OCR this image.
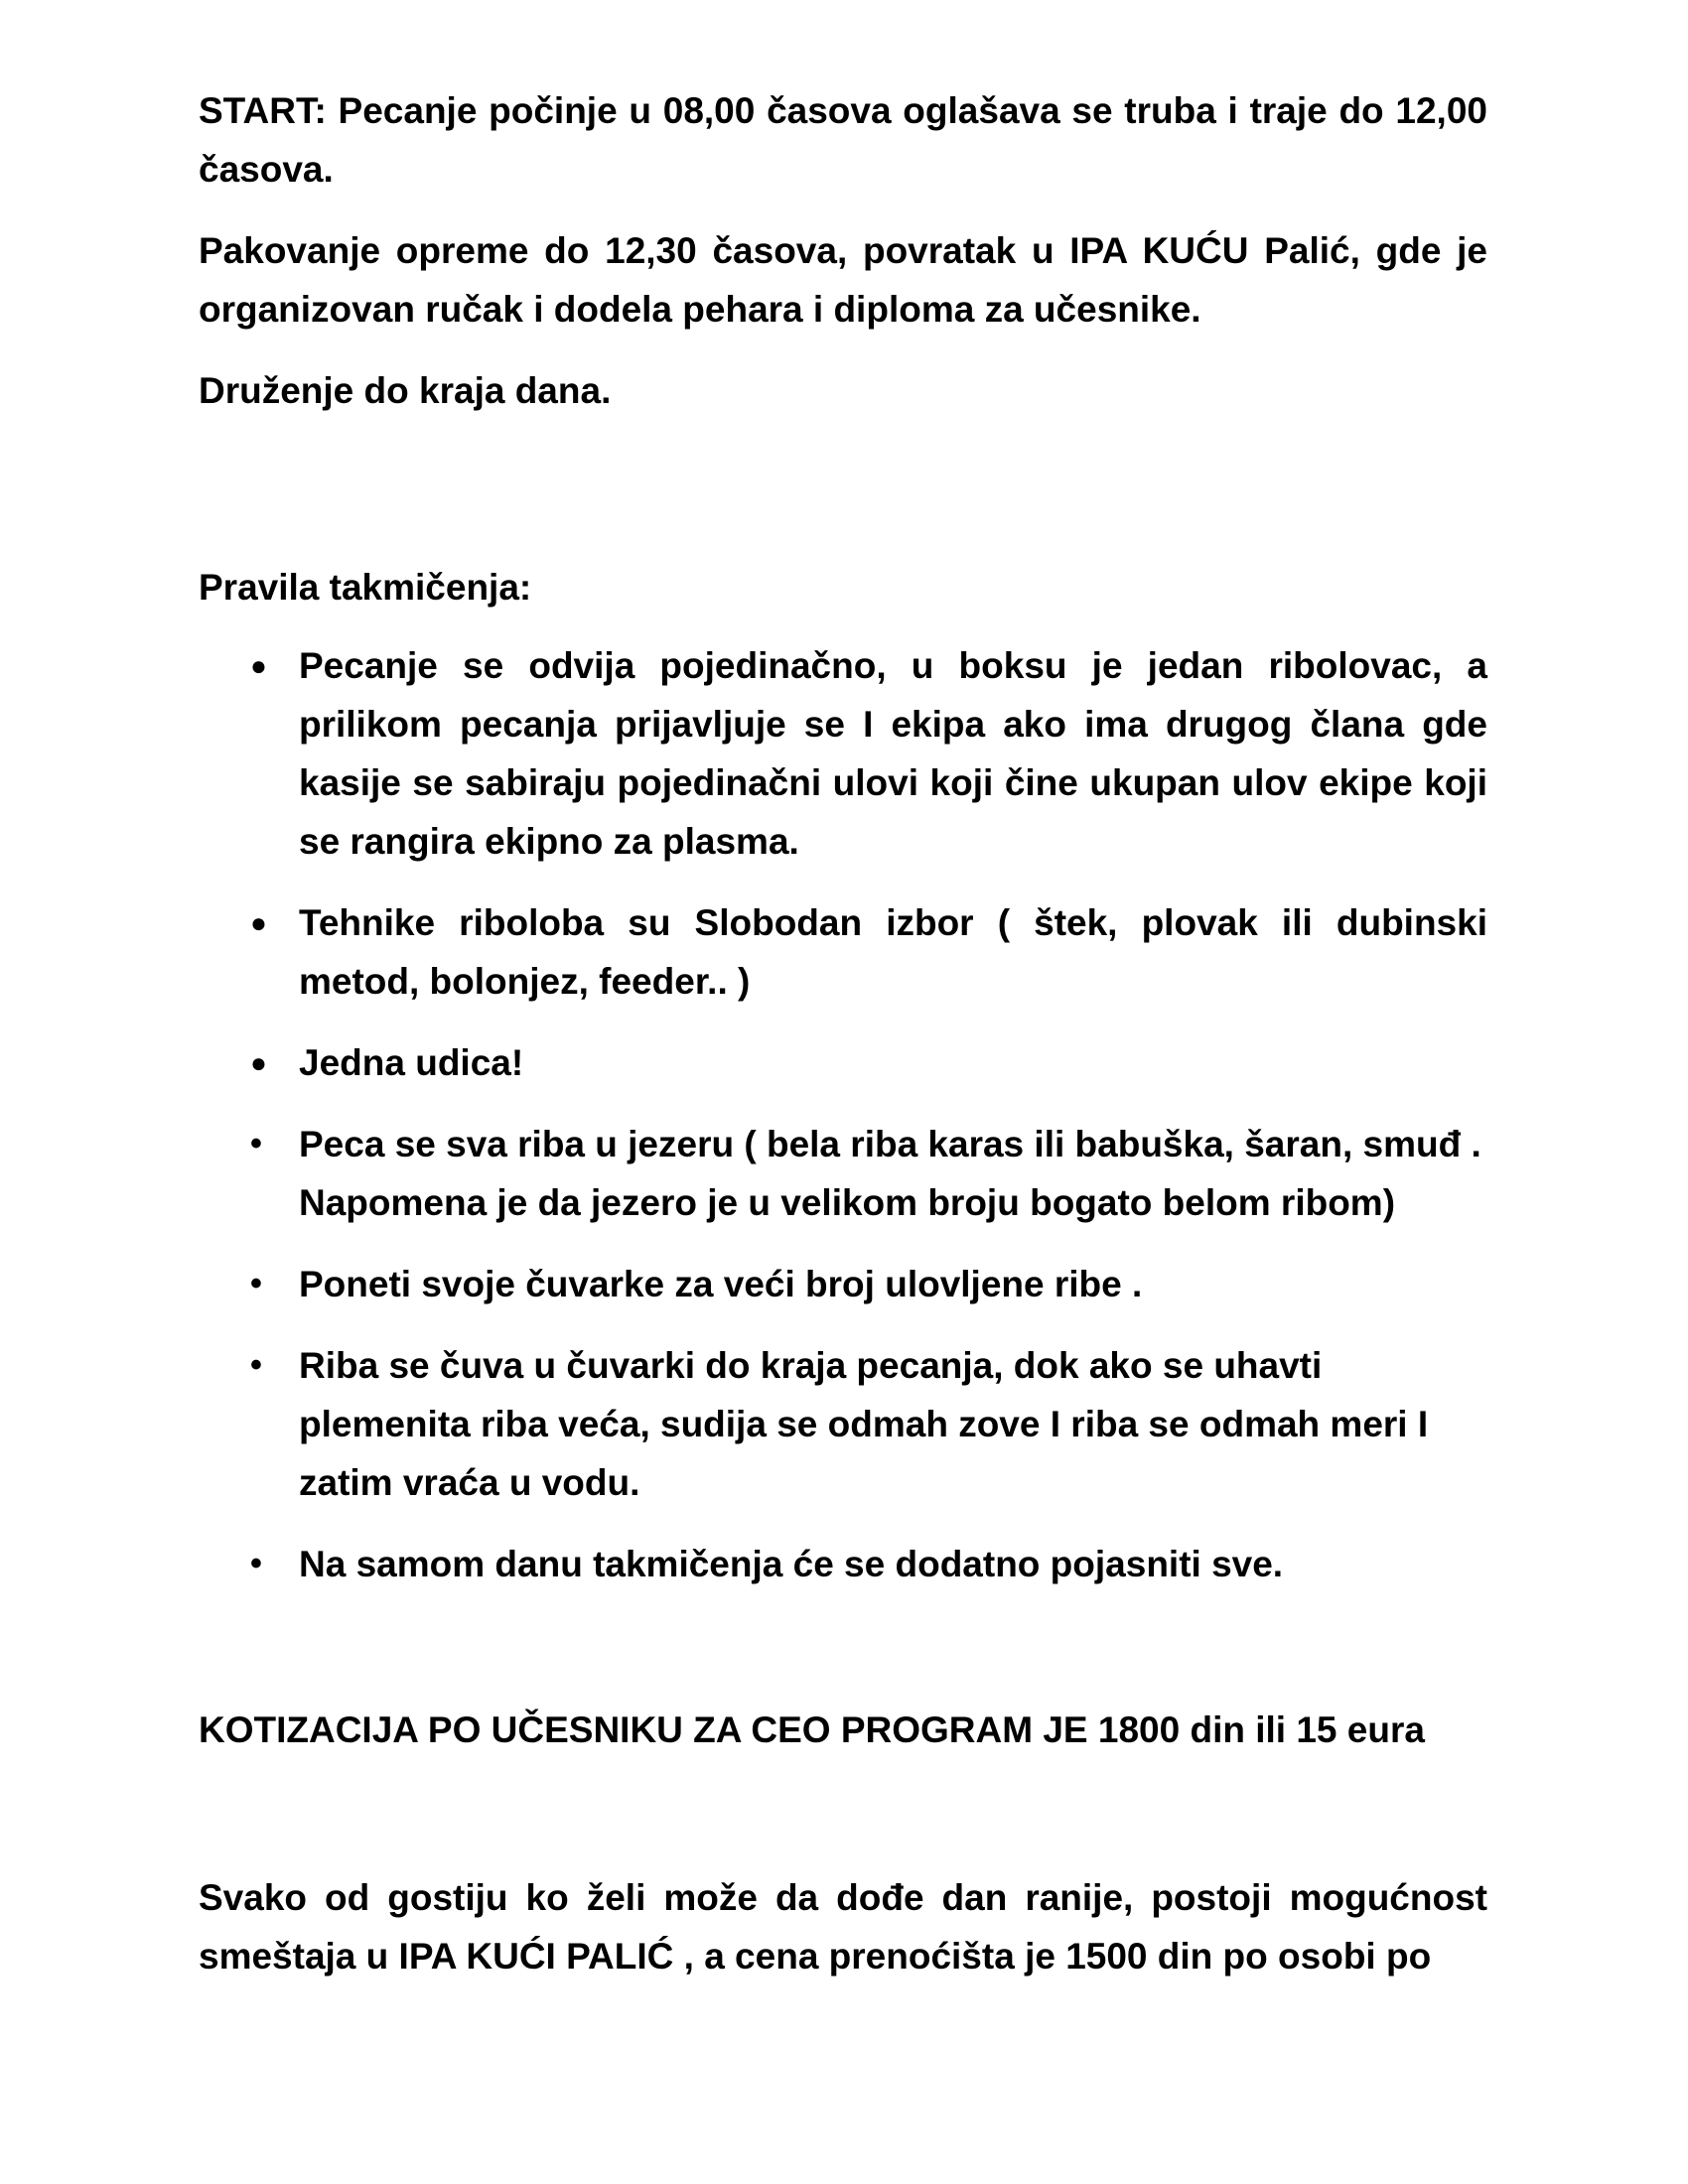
START: Pecanje počinje u 08,00 časova oglašava se truba i traje do 12,00 časova.

Pakovanje opreme do 12,30 časova, povratak u IPA KUĆU Palić, gde je organizovan ručak i dodela pehara i diploma za učesnike.

Druženje do kraja dana.

Pravila takmičenja:

● Pecanje se odvija pojedinačno, u boksu je jedan ribolovac, a prilikom pecanja prijavljuje se I ekipa ako ima drugog člana gde kasije se sabiraju pojedinačni ulovi koji čine ukupan ulov ekipe koji se rangira ekipno za plasma.
● Tehnike riboloba su Slobodan izbor ( štek, plovak ili dubinski metod, bolonjez, feeder.. )
● Jedna udica!
• Peca se sva riba u jezeru ( bela riba karas ili babuška, šaran, smuđ . Napomena je da jezero je u velikom broju bogato belom ribom)
• Poneti svoje čuvarke za veći broj ulovljene ribe .
• Riba se čuva u čuvarki do kraja pecanja, dok ako se uhavti plemenita riba veća, sudija se odmah zove I riba se odmah meri I zatim vraća u vodu.
• Na samom danu takmičenja će se dodatno pojasniti sve.

KOTIZACIJA PO UČESNIKU ZA CEO PROGRAM JE 1800 din ili 15 eura

Svako od gostiju ko želi može da dođe dan ranije, postoji mogućnost smeštaja u IPA KUĆI PALIĆ , a cena prenoćišta je 1500 din po osobi po
